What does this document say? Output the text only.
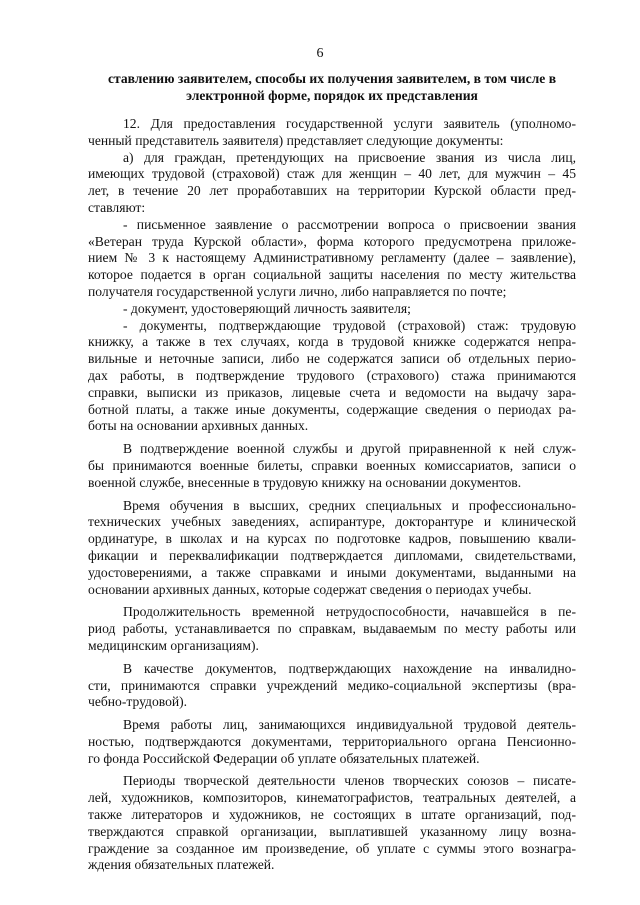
6
ставлению заявителем, способы их получения заявителем, в том числе в
электронной форме, порядок их представления
12. Для предоставления государственной услуги заявитель (уполномо-
ченный представитель заявителя) представляет следующие документы:
а) для граждан, претендующих на присвоение звания из числа лиц,
имеющих трудовой (страховой) стаж для женщин – 40 лет, для мужчин – 45
лет, в течение 20 лет проработавших на территории Курской области пред-
ставляют:
- письменное заявление о рассмотрении вопроса о присвоении звания
«Ветеран труда Курской области», форма которого предусмотрена приложе-
нием № 3 к настоящему Административному регламенту (далее – заявление),
которое подается в орган социальной защиты населения по месту жительства
получателя государственной услуги лично, либо направляется по почте;
- документ, удостоверяющий личность заявителя;
- документы, подтверждающие трудовой (страховой) стаж: трудовую
книжку, а также в тех случаях, когда в трудовой книжке содержатся непра-
вильные и неточные записи, либо не содержатся записи об отдельных перио-
дах работы, в подтверждение трудового (страхового) стажа принимаются
справки, выписки из приказов, лицевые счета и ведомости на выдачу зара-
ботной платы, а также иные документы, содержащие сведения о периодах ра-
боты на основании архивных данных.
В подтверждение военной службы и другой приравненной к ней служ-
бы принимаются военные билеты, справки военных комиссариатов, записи о
военной службе, внесенные в трудовую книжку на основании документов.
Время обучения в высших, средних специальных и профессионально-
технических учебных заведениях, аспирантуре, докторантуре и клинической
ординатуре, в школах и на курсах по подготовке кадров, повышению квали-
фикации и переквалификации подтверждается дипломами, свидетельствами,
удостоверениями, а также справками и иными документами, выданными на
основании архивных данных, которые содержат сведения о периодах учебы.
Продолжительность временной нетрудоспособности, начавшейся в пе-
риод работы, устанавливается по справкам, выдаваемым по месту работы или
медицинским организациям).
В качестве документов, подтверждающих нахождение на инвалидно-
сти, принимаются справки учреждений медико-социальной экспертизы (вра-
чебно-трудовой).
Время работы лиц, занимающихся индивидуальной трудовой деятель-
ностью, подтверждаются документами, территориального органа Пенсионно-
го фонда Российской Федерации об уплате обязательных платежей.
Периоды творческой деятельности членов творческих союзов – писате-
лей, художников, композиторов, кинематографистов, театральных деятелей, а
также литераторов и художников, не состоящих в штате организаций, под-
тверждаются справкой организации, выплатившей указанному лицу возна-
граждение за созданное им произведение, об уплате с суммы этого вознагра-
ждения обязательных платежей.
